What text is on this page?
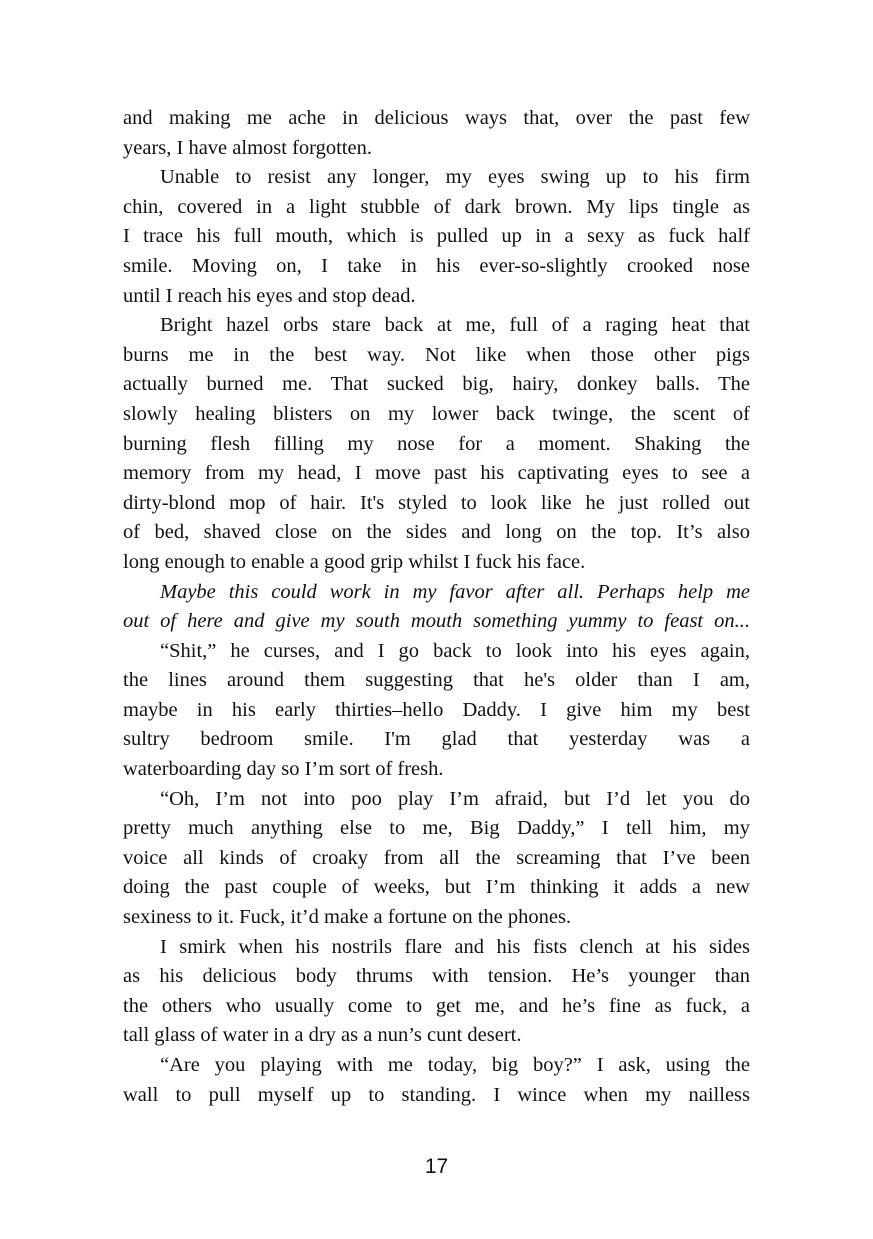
and making me ache in delicious ways that, over the past few
years, I have almost forgotten.
Unable to resist any longer, my eyes swing up to his firm
chin, covered in a light stubble of dark brown. My lips tingle as
I trace his full mouth, which is pulled up in a sexy as fuck half
smile. Moving on, I take in his ever-so-slightly crooked nose
until I reach his eyes and stop dead.
Bright hazel orbs stare back at me, full of a raging heat that
burns me in the best way. Not like when those other pigs
actually burned me. That sucked big, hairy, donkey balls. The
slowly healing blisters on my lower back twinge, the scent of
burning flesh filling my nose for a moment. Shaking the
memory from my head, I move past his captivating eyes to see a
dirty-blond mop of hair. It's styled to look like he just rolled out
of bed, shaved close on the sides and long on the top. It’s also
long enough to enable a good grip whilst I fuck his face.
Maybe this could work in my favor after all. Perhaps help me
out of here and give my south mouth something yummy to feast on...
“Shit,” he curses, and I go back to look into his eyes again,
the lines around them suggesting that he's older than I am,
maybe in his early thirties–hello Daddy. I give him my best
sultry bedroom smile. I'm glad that yesterday was a
waterboarding day so I’m sort of fresh.
“Oh, I’m not into poo play I’m afraid, but I’d let you do
pretty much anything else to me, Big Daddy,” I tell him, my
voice all kinds of croaky from all the screaming that I’ve been
doing the past couple of weeks, but I’m thinking it adds a new
sexiness to it. Fuck, it’d make a fortune on the phones.
I smirk when his nostrils flare and his fists clench at his sides
as his delicious body thrums with tension. He’s younger than
the others who usually come to get me, and he’s fine as fuck, a
tall glass of water in a dry as a nun’s cunt desert.
“Are you playing with me today, big boy?” I ask, using the
wall to pull myself up to standing. I wince when my nailless
17
